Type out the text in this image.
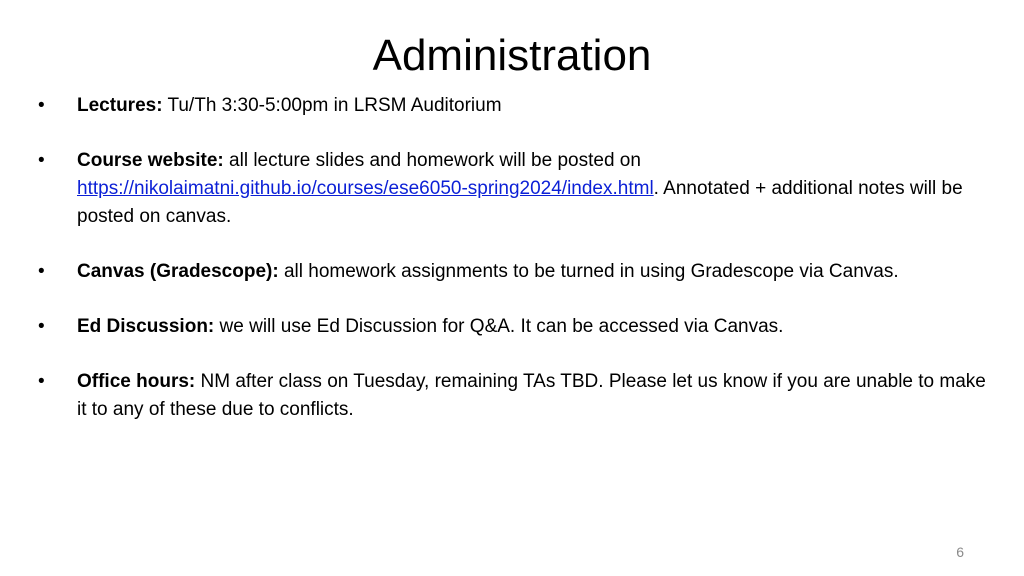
Administration
•	Lectures: Tu/Th 3:30-5:00pm in LRSM Auditorium
•	Course website: all lecture slides and homework will be posted on
https://nikolaimatni.github.io/courses/ese6050-spring2024/index.html. Annotated + additional notes will be posted on canvas.
•	Canvas (Gradescope): all homework assignments to be turned in using Gradescope via Canvas.
•	Ed Discussion: we will use Ed Discussion for Q&A. It can be accessed via Canvas.
•	Office hours: NM after class on Tuesday, remaining TAs TBD. Please let us know if you are unable to make it to any of these due to conflicts.
6
